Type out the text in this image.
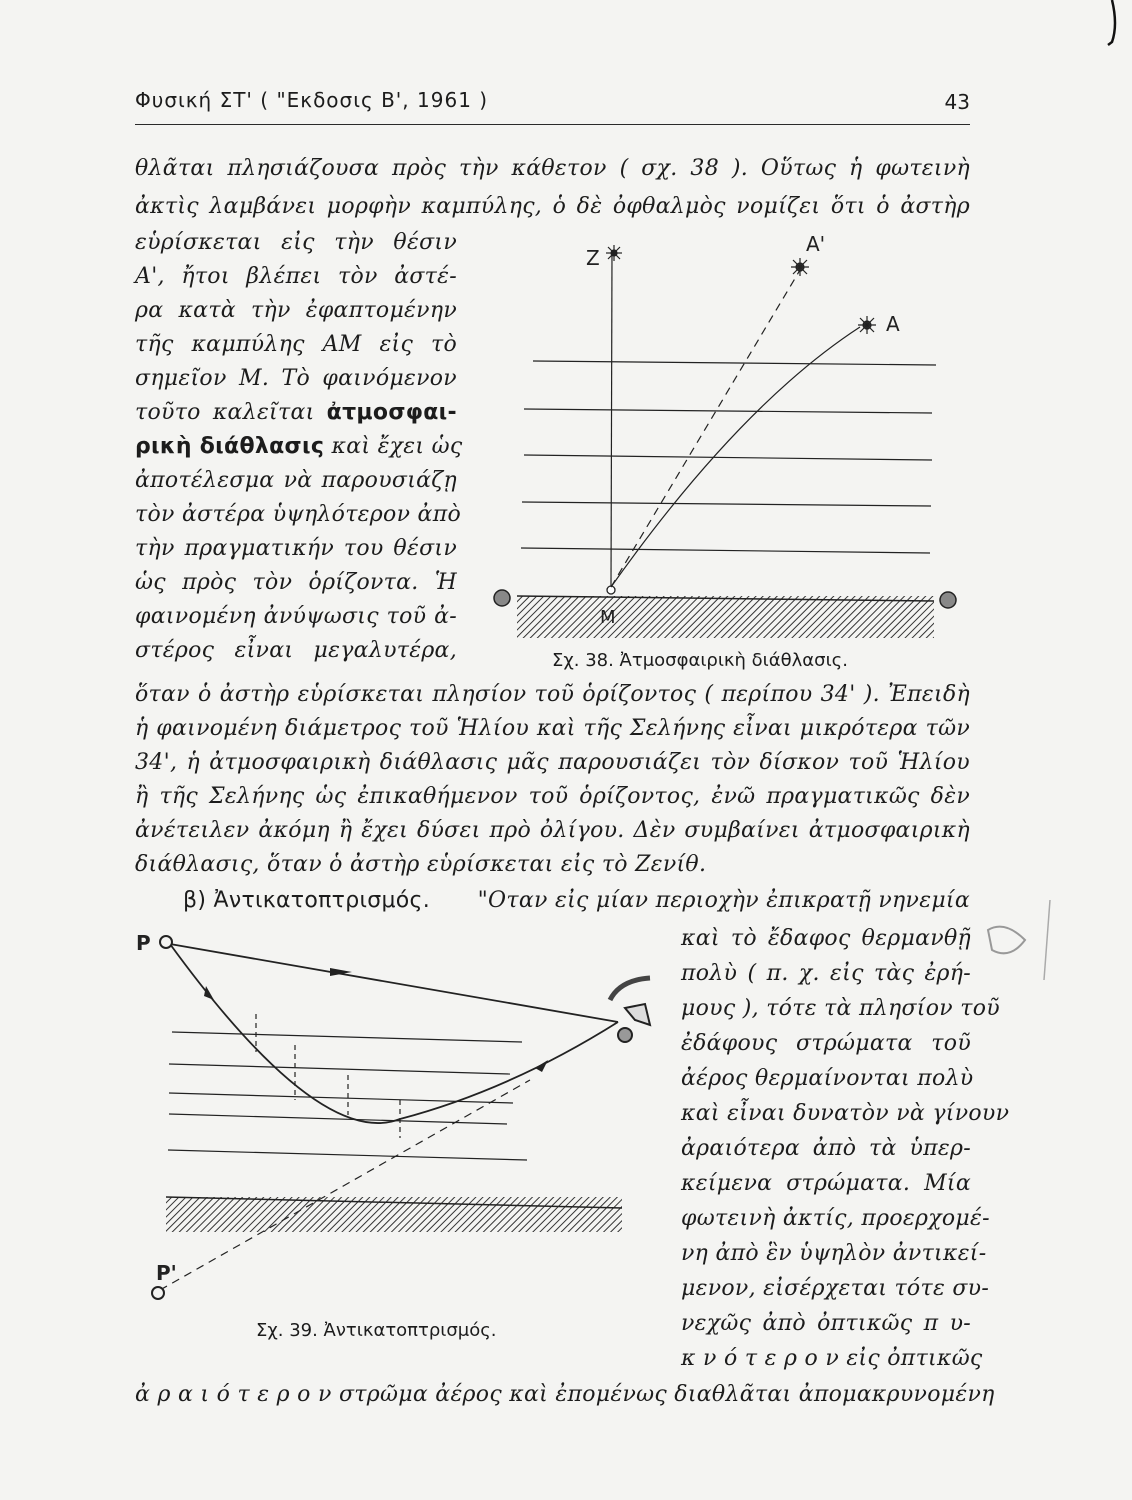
Φυσική ΣΤ' ( "Εκδοσις Β', 1961 )	43
θλᾶται πλησιάζουσα πρὸς τὴν κάθετον ( σχ. 38 ). Οὕτως ἡ φωτεινὴ
ἀκτὶς λαμβάνει μορφὴν καμπύλης, ὁ δὲ ὀφθαλμὸς νομίζει ὅτι ὁ ἀστὴρ
εὑρίσκεται εἰς τὴν θέσιν
Α', ἤτοι βλέπει τὸν ἀστέ-
ρα κατὰ τὴν ἐφαπτομένην
τῆς καμπύλης ΑΜ εἰς τὸ
σημεῖον Μ. Τὸ φαινόμενον
τοῦτο καλεῖται ἀτμοσφαι-
ρικὴ διάθλασις καὶ ἔχει ὡς
ἀποτέλεσμα νὰ παρουσιάζῃ
τὸν ἀστέρα ὑψηλότερον ἀπὸ
τὴν πραγματικήν του θέσιν
ὡς πρὸς τὸν ὁρίζοντα. Ἡ
φαινομένη ἀνύψωσις τοῦ ἀ-
στέρος εἶναι μεγαλυτέρα,
Z
A'
A
M
Σχ. 38. Ἀτμοσφαιρικὴ διάθλασις.
ὅταν ὁ ἀστὴρ εὑρίσκεται πλησίον τοῦ ὁρίζοντος ( περίπου 34' ). Ἐπειδὴ
ἡ φαινομένη διάμετρος τοῦ Ἡλίου καὶ τῆς Σελήνης εἶναι μικρότερα τῶν
34', ἡ ἀτμοσφαιρικὴ διάθλασις μᾶς παρουσιάζει τὸν δίσκον τοῦ Ἡλίου
ἢ τῆς Σελήνης ὡς ἐπικαθήμενον τοῦ ὁρίζοντος, ἐνῶ πραγματικῶς δὲν
ἀνέτειλεν ἀκόμη ἢ ἔχει δύσει πρὸ ὀλίγου. Δὲν συμβαίνει ἀτμοσφαιρικὴ
διάθλασις, ὅταν ὁ ἀστὴρ εὑρίσκεται εἰς τὸ Ζενίθ.
β) Ἀντικατοπτρισμός. "Οταν εἰς μίαν περιοχὴν ἐπικρατῇ νηνεμία
καὶ τὸ ἔδαφος θερμανθῇ
πολὺ ( π. χ. εἰς τὰς ἐρή-
μους ), τότε τὰ πλησίον τοῦ
ἐδάφους στρώματα τοῦ
ἀέρος θερμαίνονται πολὺ
καὶ εἶναι δυνατὸν νὰ γίνουν
ἀραιότερα ἀπὸ τὰ ὑπερ-
κείμενα στρώματα. Μία
φωτεινὴ ἀκτίς, προερχομέ-
νη ἀπὸ ἓν ὑψηλὸν ἀντικεί-
μενον, εἰσέρχεται τότε συ-
νεχῶς ἀπὸ ὀπτικῶς π υ-
κ ν ό τ ε ρ ο ν εἰς ὀπτικῶς
P
P'
Σχ. 39. Ἀντικατοπτρισμός.
ἀ ρ α ι ό τ ε ρ ο ν στρῶμα ἀέρος καὶ ἐπομένως διαθλᾶται ἀπομακρυνομένη
